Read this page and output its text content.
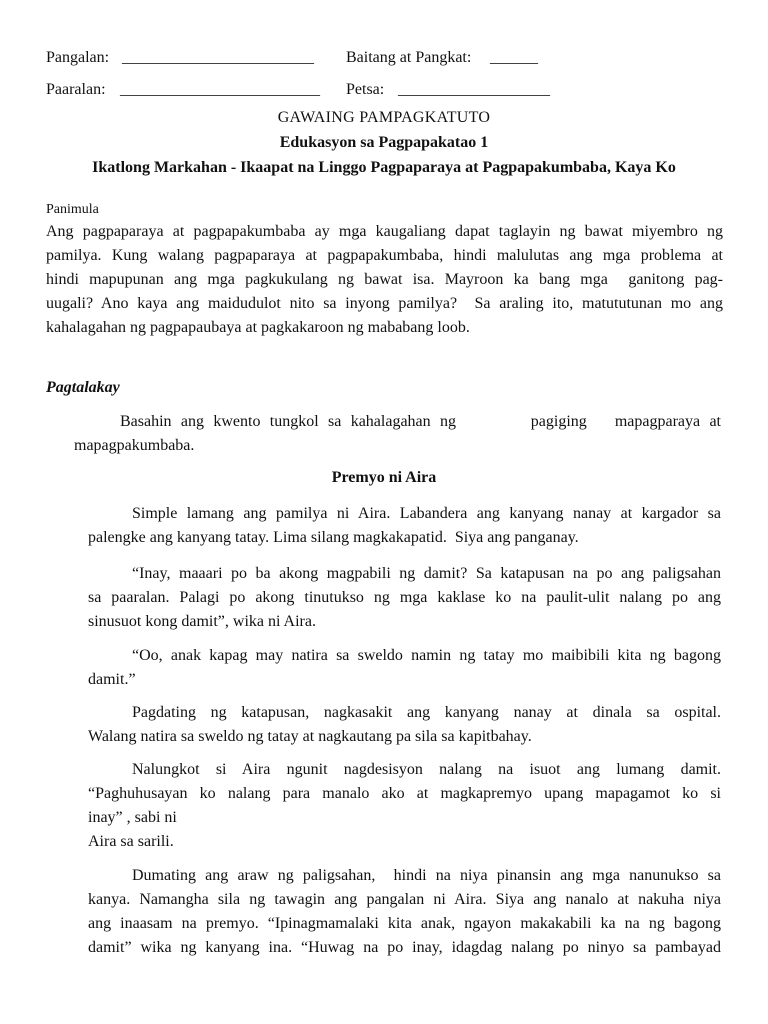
Pangalan:

________________________

Baitang at Pangkat:

______

Paaralan:

_________________________

Petsa:

___________________

GAWAING PAMPAGKATUTO
Edukasyon sa Pagpapakatao 1
Ikatlong Markahan - Ikaapat na Linggo Pagpaparaya at Pagpapakumbaba, Kaya Ko
Panimula
Ang pagpaparaya at pagpapakumbaba ay mga kaugaliang dapat taglayin ng bawat miyembro ng
pamilya. Kung walang pagpaparaya at pagpapakumbaba, hindi malulutas ang mga problema at
hindi mapupunan ang mga pagkukulang ng bawat isa. Mayroon ka bang mga  ganitong pag-
uugali? Ano kaya ang maidudulot nito sa inyong pamilya?  Sa araling ito, matututunan mo ang
kahalagahan ng pagpapaubaya at pagkakaroon ng mababang loob.
Pagtalakay
Basahin ang kwento tungkol sa kahalagahan ng        pagiging   mapagparaya at
mapagpakumbaba.
Premyo ni Aira
Simple lamang ang pamilya ni Aira. Labandera ang kanyang nanay at kargador sa
palengke ang kanyang tatay. Lima silang magkakapatid.  Siya ang panganay.
“Inay, maaari po ba akong magpabili ng damit? Sa katapusan na po ang paligsahan
sa paaralan. Palagi po akong tinutukso ng mga kaklase ko na paulit-ulit nalang po ang
sinusuot kong damit”, wika ni Aira.
“Oo, anak kapag may natira sa sweldo namin ng tatay mo maibibili kita ng bagong
damit.”
Pagdating ng katapusan, nagkasakit ang kanyang nanay at dinala sa ospital.
Walang natira sa sweldo ng tatay at nagkautang pa sila sa kapitbahay.
Nalungkot si Aira ngunit nagdesisyon nalang na isuot ang lumang damit.
“Paghuhusayan ko nalang para manalo ako at magkapremyo upang mapagamot ko si
inay” , sabi ni
Aira sa sarili.
Dumating ang araw ng paligsahan,  hindi na niya pinansin ang mga nanunukso sa
kanya. Namangha sila ng tawagin ang pangalan ni Aira. Siya ang nanalo at nakuha niya
ang inaasam na premyo. “Ipinagmamalaki kita anak, ngayon makakabili ka na ng bagong
damit” wika ng kanyang ina. “Huwag na po inay, idagdag nalang po ninyo sa pambayad
